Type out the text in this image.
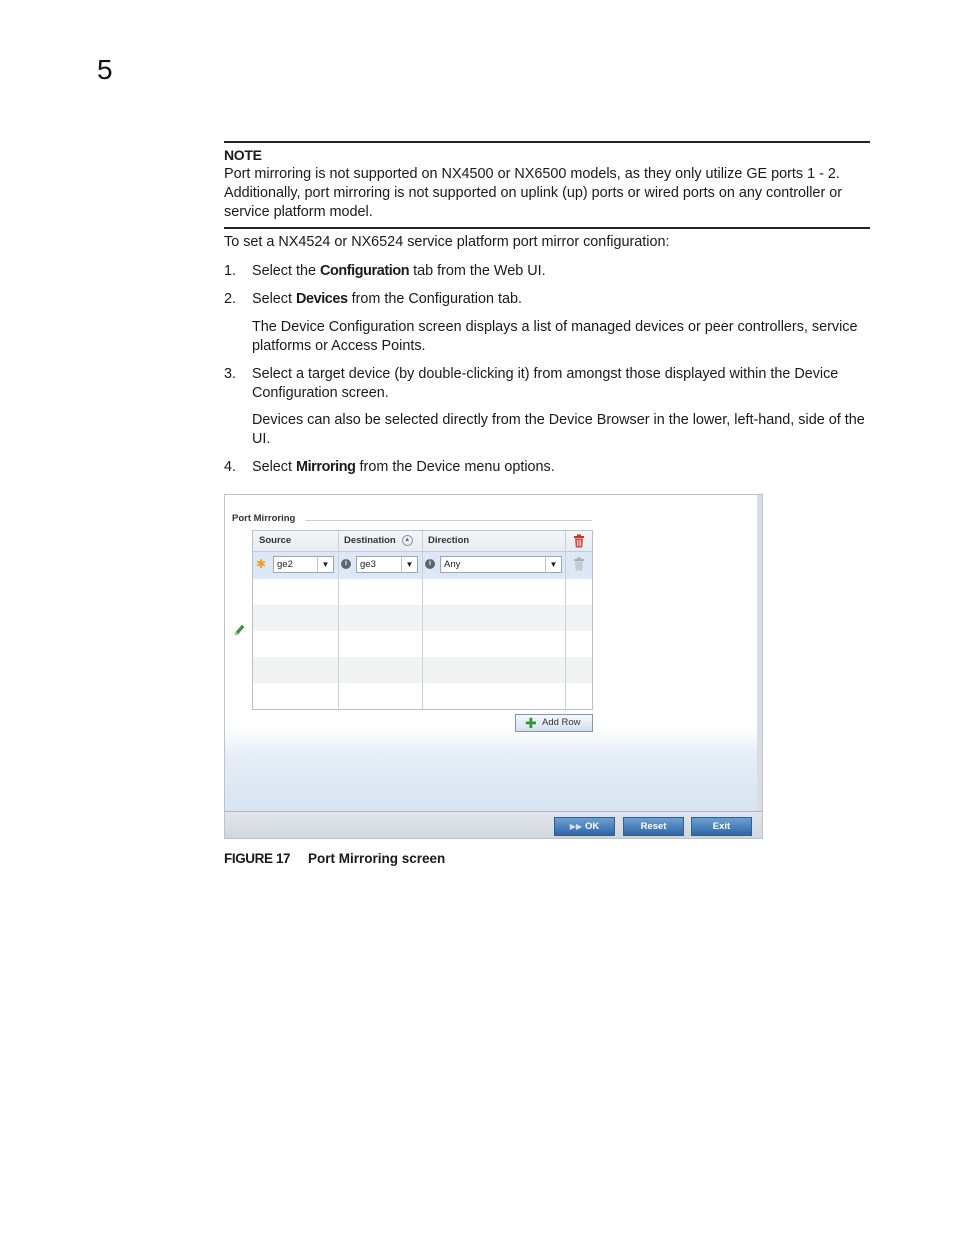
5
NOTE
Port mirroring is not supported on NX4500 or NX6500 models, as they only utilize GE ports 1 - 2. Additionally, port mirroring is not supported on uplink (up) ports or wired ports on any controller or service platform model.
To set a NX4524 or NX6524 service platform port mirror configuration:
1. Select the Configuration tab from the Web UI.
2. Select Devices from the Configuration tab.
The Device Configuration screen displays a list of managed devices or peer controllers, service platforms or Access Points.
3. Select a target device (by double-clicking it) from amongst those displayed within the Device Configuration screen.
Devices can also be selected directly from the Device Browser in the lower, left-hand, side of the UI.
4. Select Mirroring from the Device menu options.
Port Mirroring
Source	Destination ▲	Direction
✱	ge2	▼	i	ge3	▼	i	Any	▼
✚ Add Row
▶▶ OK	Reset	Exit
FIGURE 17 Port Mirroring screen
